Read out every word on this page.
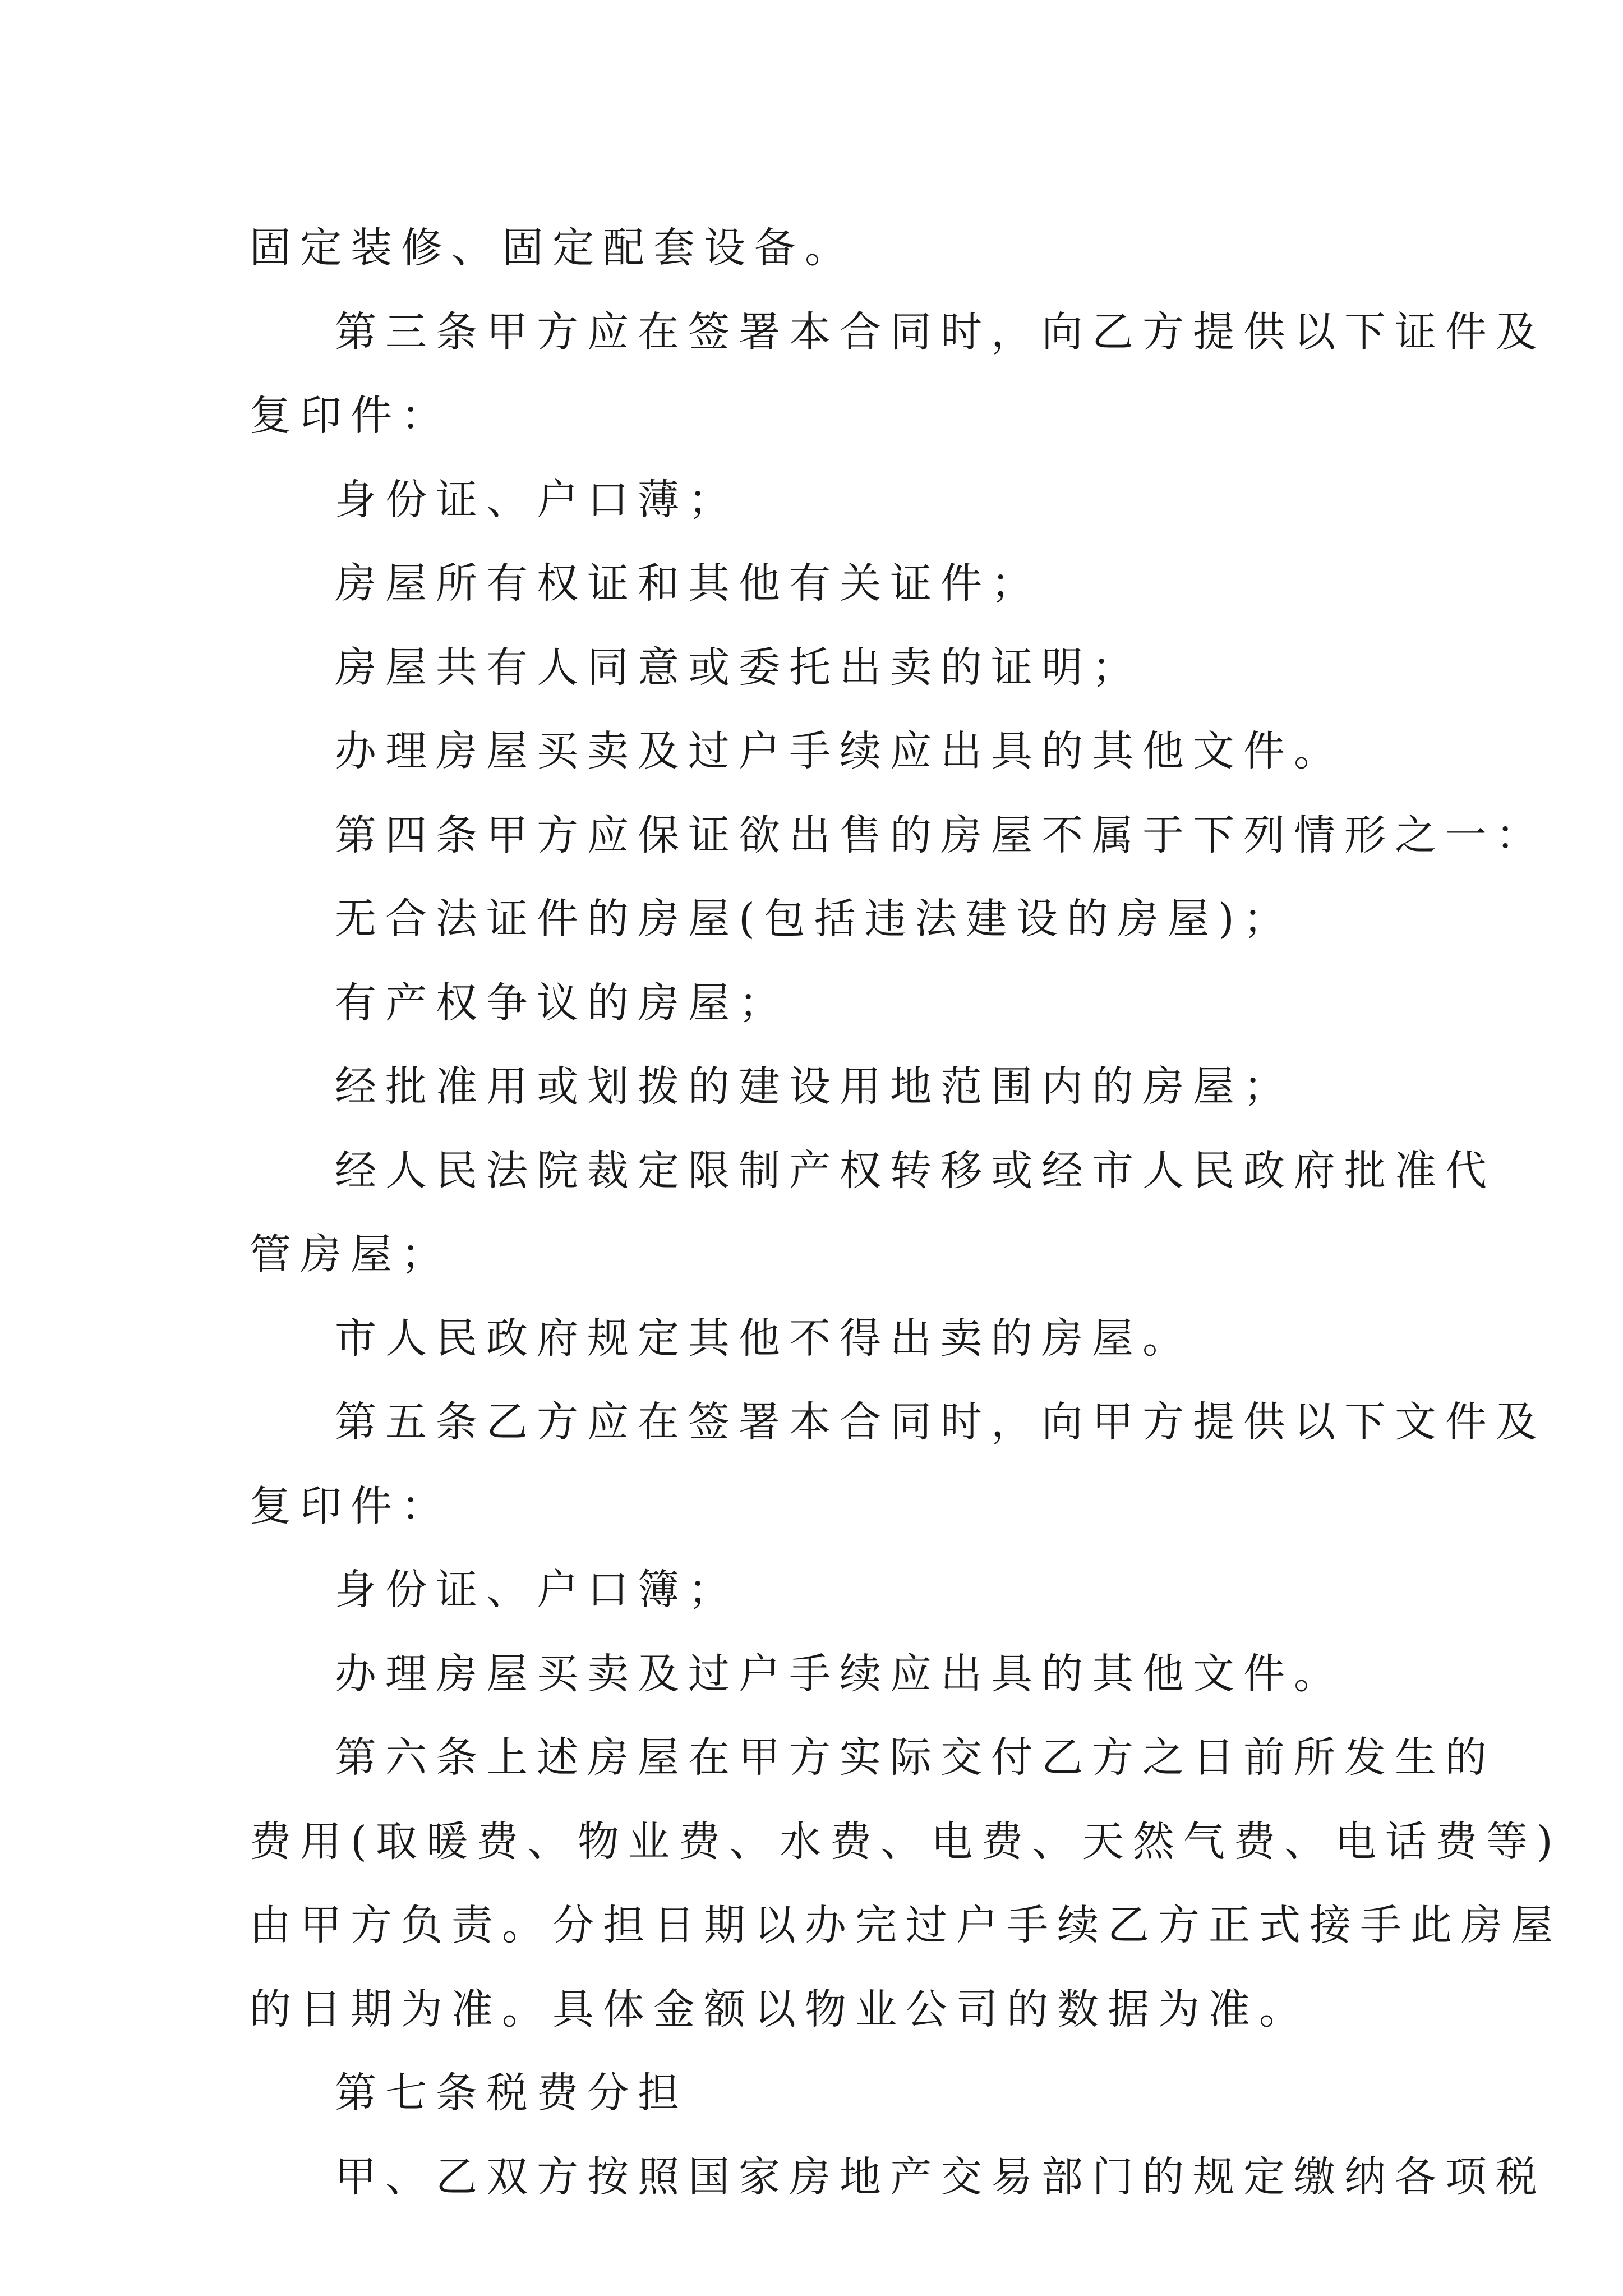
固定装修、固定配套设备。
第三条甲方应在签署本合同时，向乙方提供以下证件及
复印件：
身份证、户口薄；
房屋所有权证和其他有关证件；
房屋共有人同意或委托出卖的证明；
办理房屋买卖及过户手续应出具的其他文件。
第四条甲方应保证欲出售的房屋不属于下列情形之一：
无合法证件的房屋(包括违法建设的房屋)；
有产权争议的房屋；
经批准用或划拨的建设用地范围内的房屋；
经人民法院裁定限制产权转移或经市人民政府批准代
管房屋；
市人民政府规定其他不得出卖的房屋。
第五条乙方应在签署本合同时，向甲方提供以下文件及
复印件：
身份证、户口簿；
办理房屋买卖及过户手续应出具的其他文件。
第六条上述房屋在甲方实际交付乙方之日前所发生的
费用(取暖费、物业费、水费、电费、天然气费、电话费等)
由甲方负责。分担日期以办完过户手续乙方正式接手此房屋
的日期为准。具体金额以物业公司的数据为准。
第七条税费分担
甲、乙双方按照国家房地产交易部门的规定缴纳各项税
